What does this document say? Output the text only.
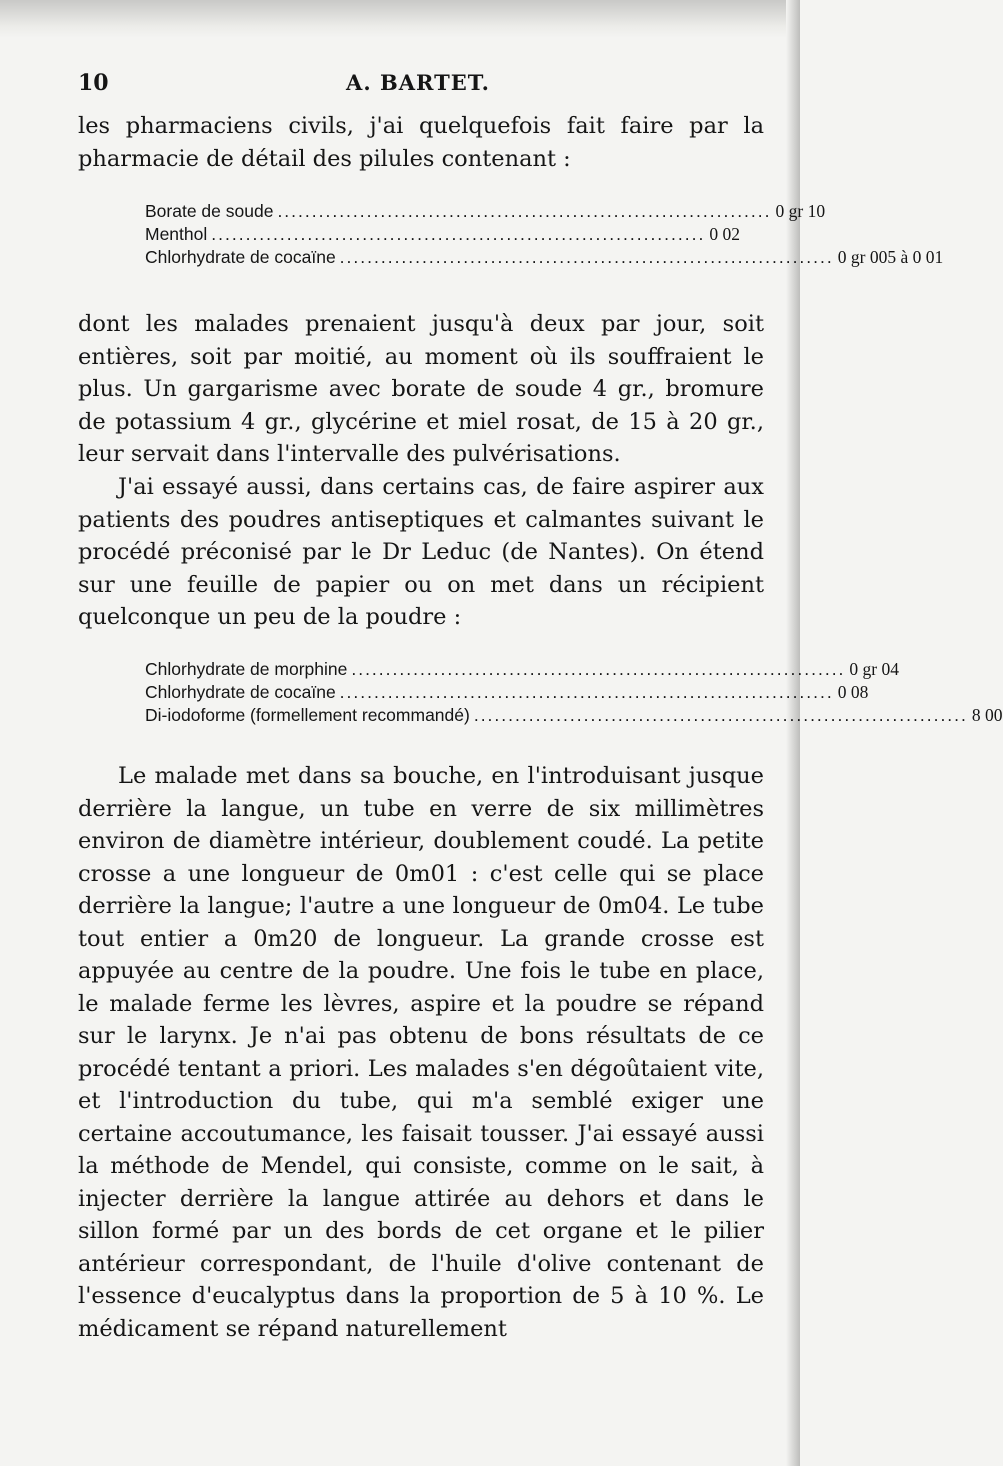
10	A. BARTET.

les pharmaciens civils, j'ai quelquefois fait faire par la pharmacie de détail des pilules contenant :

Borate de soude ........................................................................ 0 gr 10
Menthol ........................................................................ 0 02
Chlorhydrate de cocaïne ........................................................................ 0 gr 005 à 0 01

dont les malades prenaient jusqu'à deux par jour, soit entières, soit par moitié, au moment où ils souffraient le plus. Un gargarisme avec borate de soude 4 gr., bromure de potassium 4 gr., glycérine et miel rosat, de 15 à 20 gr., leur servait dans l'intervalle des pulvérisations.

J'ai essayé aussi, dans certains cas, de faire aspirer aux patients des poudres antiseptiques et calmantes suivant le procédé préconisé par le Dr Leduc (de Nantes). On étend sur une feuille de papier ou on met dans un récipient quelconque un peu de la poudre :

Chlorhydrate de morphine ........................................................................ 0 gr 04
Chlorhydrate de cocaïne ........................................................................ 0 08
Di-iodoforme (formellement recommandé) ........................................................................ 8 00

Le malade met dans sa bouche, en l'introduisant jusque derrière la langue, un tube en verre de six millimètres environ de diamètre intérieur, doublement coudé. La petite crosse a une longueur de 0m01 : c'est celle qui se place derrière la langue; l'autre a une longueur de 0m04. Le tube tout entier a 0m20 de longueur. La grande crosse est appuyée au centre de la poudre. Une fois le tube en place, le malade ferme les lèvres, aspire et la poudre se répand sur le larynx. Je n'ai pas obtenu de bons résultats de ce procédé tentant a priori. Les malades s'en dégoûtaient vite, et l'introduction du tube, qui m'a semblé exiger une certaine accoutumance, les faisait tousser. J'ai essayé aussi la méthode de Mendel, qui consiste, comme on le sait, à injecter derrière la langue attirée au dehors et dans le sillon formé par un des bords de cet organe et le pilier antérieur correspondant, de l'huile d'olive contenant de l'essence d'eucalyptus dans la proportion de 5 à 10 %. Le médicament se répand naturellement
